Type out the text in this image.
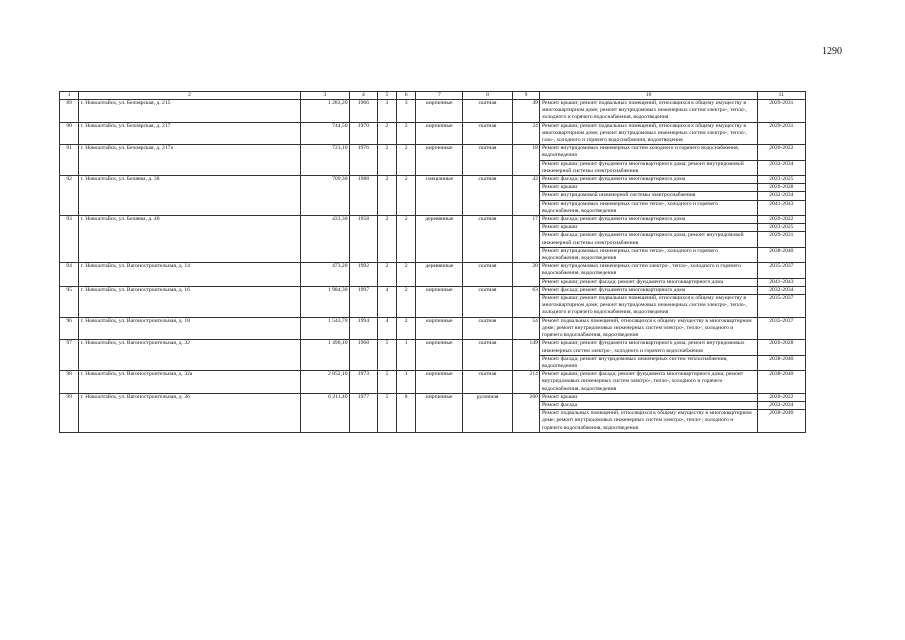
1290
1	2	3	4	5	6	7	8	9	10	11
89	г. Новоалтайск, ул. Белоярская, д. 215	1 283,20	1966	3	3	кирпичные	скатная	49	Ремонт крыши; ремонт подвальных помещений, относящихся к общему имуществу в многоквартирном доме; ремонт внутридомовых инженерных систем электро-, тепло-, холодного и горячего водоснабжения, водоотведения	2029-2031
90	г. Новоалтайск, ул. Белоярская, д. 217	744,50	1970	2	2	кирпичные	скатная	24	Ремонт крыши; ремонт подвальных помещений, относящихся к общему имуществу в многоквартирном доме; ремонт внутридомовых инженерных систем электро-, тепло-, газо-, холодного и горячего водоснабжения, водоотведения	2029-2031
91	г. Новоалтайск, ул. Белоярская, д. 217а	723,10	1976	2	2	кирпичные	скатная	18	Ремонт внутридомовых инженерных систем холодного и горячего водоснабжения, водоотведения	2020-2022
									Ремонт крыши; ремонт фундамента многоквартирного дома; ремонт внутридомовой инженерной системы электроснабжения	2032-2034
92	г. Новоалтайск, ул. Беляева, д. 38	709,30	1988	2	2	смешанные	скатная	43	Ремонт фасада; ремонт фундамента многоквартирного дома	2023-2025
									Ремонт крыши	2026-2028
									Ремонт внутридомовой инженерной системы электроснабжения	2032-2034
									Ремонт внутридомовых инженерных систем тепло-, холодного и горячего водоснабжения, водоотведения	2041-2043
93	г. Новоалтайск, ул. Беляева, д. 40	433,30	1958	2	2	деревянные	скатная	17	Ремонт фасада; ремонт фундамента многоквартирного дома	2020-2022
									Ремонт крыши	2023-2025
									Ремонт фасада; ремонт фундамента многоквартирного дома; ремонт внутридомовой инженерной системы электроснабжения	2029-2031
									Ремонт внутридомовых инженерных систем тепло-, холодного и горячего водоснабжения, водоотведения	2038-2040
94	г. Новоалтайск, ул. Вагоностроительная, д. 14	473,20	1992	2	2	деревянные	скатная	20	Ремонт внутридомовых инженерных систем электро-, тепло-, холодного и горячего водоснабжения, водоотведения	2035-2037
									Ремонт крыши; ремонт фасада; ремонт фундамента многоквартирного дома	2041-2043
95	г. Новоалтайск, ул. Вагоностроительная, д. 16	1 984,30	1997	4	2	кирпичные	скатная	63	Ремонт фасада; ремонт фундамента многоквартирного дома	2032-2034
									Ремонт крыши; ремонт подвальных помещений, относящихся к общему имуществу в многоквартирном доме; ремонт внутридомовых инженерных систем электро-, тепло-, холодного и горячего водоснабжения, водоотведения	2035-2037
96	г. Новоалтайск, ул. Вагоностроительная, д. 18	1 543,70	1994	4	2	кирпичные	скатная	54	Ремонт подвальных помещений, относящихся к общему имуществу в многоквартирном доме; ремонт внутридомовых инженерных систем электро-, тепло-, холодного и горячего водоснабжения, водоотведения	2035-2037
97	г. Новоалтайск, ул. Вагоностроительная, д. 32	1 490,10	1968	5	1	кирпичные	скатная	149	Ремонт крыши; ремонт фундамента многоквартирного дома; ремонт внутридомовых инженерных систем электро-, холодного и горячего водоснабжения	2026-2028
									Ремонт фасада; ремонт внутридомовых инженерных систем теплоснабжения, водоотведения	2038-2040
98	г. Новоалтайск, ул. Вагоностроительная, д. 32а	2 852,10	1973	5	1	кирпичные	скатная	214	Ремонт крыши; ремонт фасада; ремонт фундамента многоквартирного дома; ремонт внутридомовых инженерных систем электро-, тепло-, холодного и горячего водоснабжения, водоотведения	2038-2040
99	г. Новоалтайск, ул. Вагоностроительная, д. 36	6 211,40	1977	5	8	кирпичные	рулонная	260	Ремонт крыши	2020-2022
									Ремонт фасада	2032-2034
									Ремонт подвальных помещений, относящихся к общему имуществу в многоквартирном доме; ремонт внутридомовых инженерных систем электро-, тепло-, холодного и горячего водоснабжения, водоотведения	2038-2040
